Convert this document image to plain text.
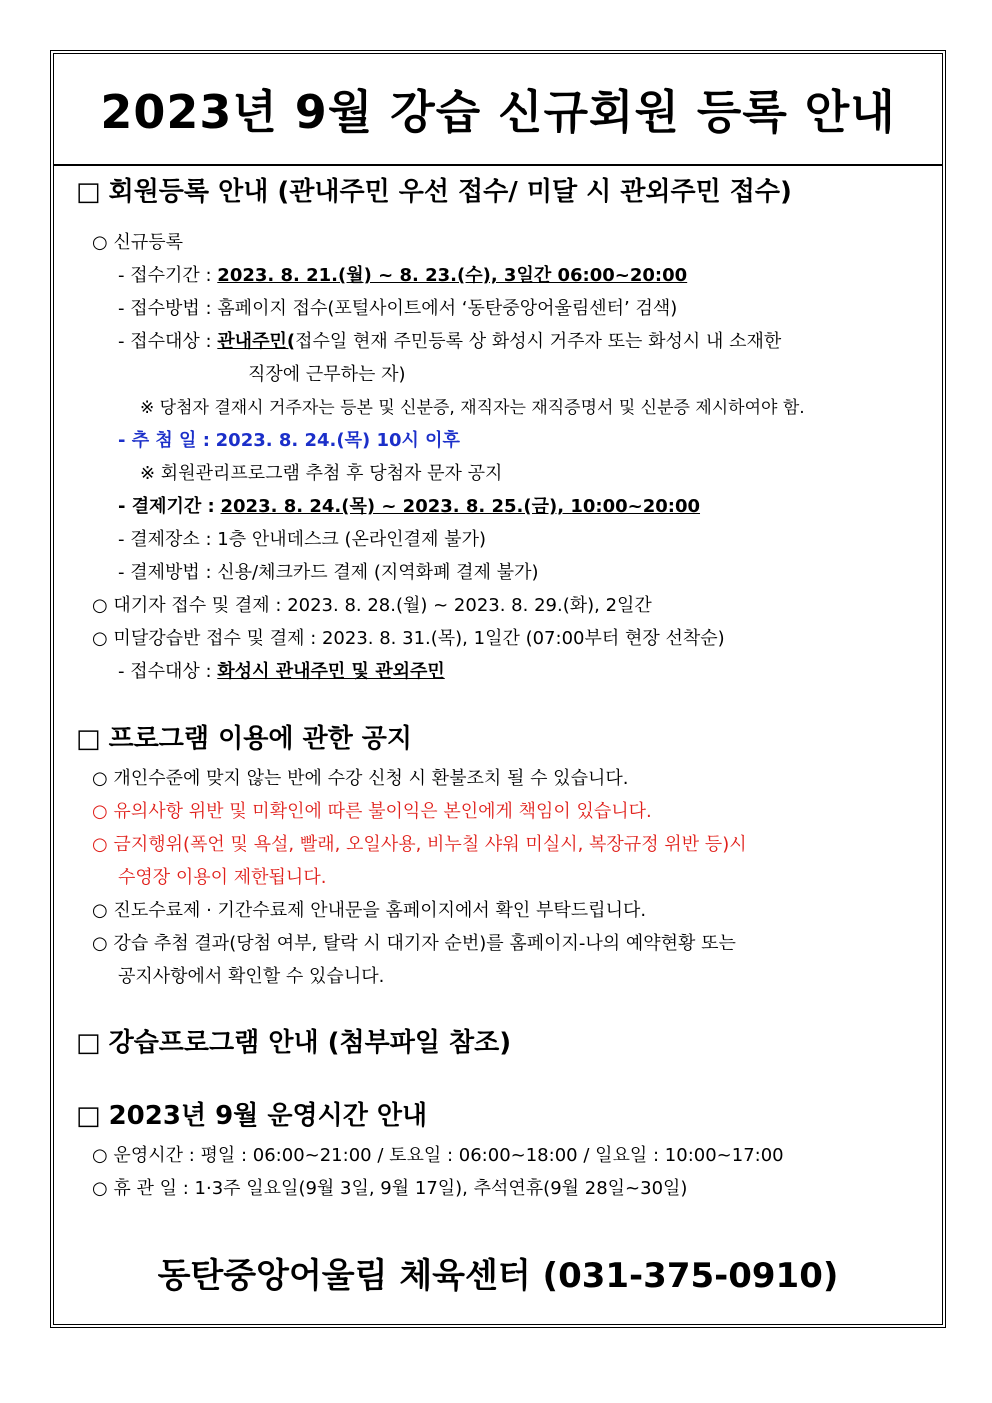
2023년 9월 강습 신규회원 등록 안내
□ 회원등록 안내 (관내주민 우선 접수/ 미달 시 관외주민 접수)
○ 신규등록
- 접수기간 : 2023. 8. 21.(월) ~ 8. 23.(수), 3일간 06:00~20:00
- 접수방법 : 홈페이지 접수(포털사이트에서 ‘동탄중앙어울림센터’ 검색)
- 접수대상 : 관내주민(접수일 현재 주민등록 상 화성시 거주자 또는 화성시 내 소재한
직장에 근무하는 자)
※ 당첨자 결재시 거주자는 등본 및 신분증, 재직자는 재직증명서 및 신분증 제시하여야 함.
- 추 첨 일 : 2023. 8. 24.(목) 10시 이후
※ 회원관리프로그램 추첨 후 당첨자 문자 공지
- 결제기간 : 2023. 8. 24.(목) ~ 2023. 8. 25.(금), 10:00~20:00
- 결제장소 : 1층 안내데스크 (온라인결제 불가)
- 결제방법 : 신용/체크카드 결제 (지역화폐 결제 불가)
○ 대기자 접수 및 결제 : 2023. 8. 28.(월) ~ 2023. 8. 29.(화), 2일간
○ 미달강습반 접수 및 결제 : 2023. 8. 31.(목), 1일간 (07:00부터 현장 선착순)
- 접수대상 : 화성시 관내주민 및 관외주민
□ 프로그램 이용에 관한 공지
○ 개인수준에 맞지 않는 반에 수강 신청 시 환불조치 될 수 있습니다.
○ 유의사항 위반 및 미확인에 따른 불이익은 본인에게 책임이 있습니다.
○ 금지행위(폭언 및 욕설, 빨래, 오일사용, 비누칠 샤워 미실시, 복장규정 위반 등)시
수영장 이용이 제한됩니다.
○ 진도수료제 · 기간수료제 안내문을 홈페이지에서 확인 부탁드립니다.
○ 강습 추첨 결과(당첨 여부, 탈락 시 대기자 순번)를 홈페이지-나의 예약현황 또는
공지사항에서 확인할 수 있습니다.
□ 강습프로그램 안내 (첨부파일 참조)
□ 2023년 9월 운영시간 안내
○ 운영시간 : 평일 : 06:00~21:00 / 토요일 : 06:00~18:00 / 일요일 : 10:00~17:00
○ 휴 관 일 : 1·3주 일요일(9월 3일, 9월 17일), 추석연휴(9월 28일~30일)
동탄중앙어울림 체육센터 (031-375-0910)
